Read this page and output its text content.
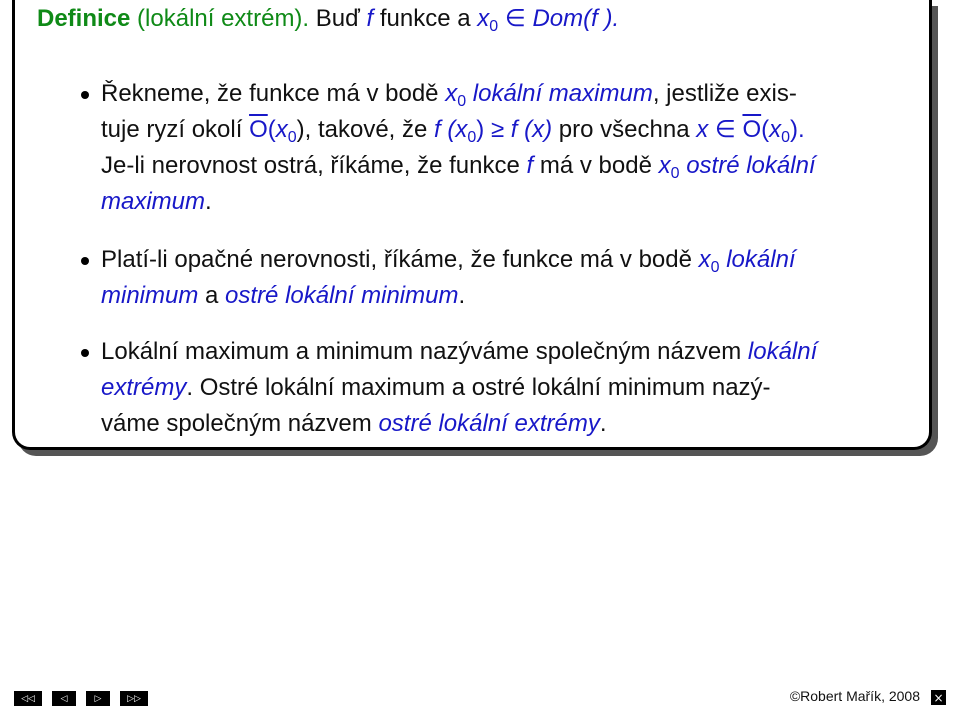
Definice (lokální extrém). Buď f funkce a $x_0$ ∈ Dom(f ).
Řekneme, že funkce má v bodě $x_0$ lokální maximum, jestliže exis-
tuje ryzí okolí $\overline{O}(x_0)$, takové, že f $(x_0) \ge f$ (x) pro všechna x ∈ $\overline{O}(x_0)$.
Je-li nerovnost ostrá, říkáme, že funkce f má v bodě $x_0$ ostré lokální
maximum.
Platí-li opačné nerovnosti, říkáme, že funkce má v bodě $x_0$ lokální
minimum a ostré lokální minimum.
Lokální maximum a minimum nazýváme společným názvem lokální
extrémy. Ostré lokální maximum a ostré lokální minimum nazý-
váme společným názvem ostré lokální extrémy.
◁◁	◁	▷	▷▷	©Robert Mařík, 2008 ×
